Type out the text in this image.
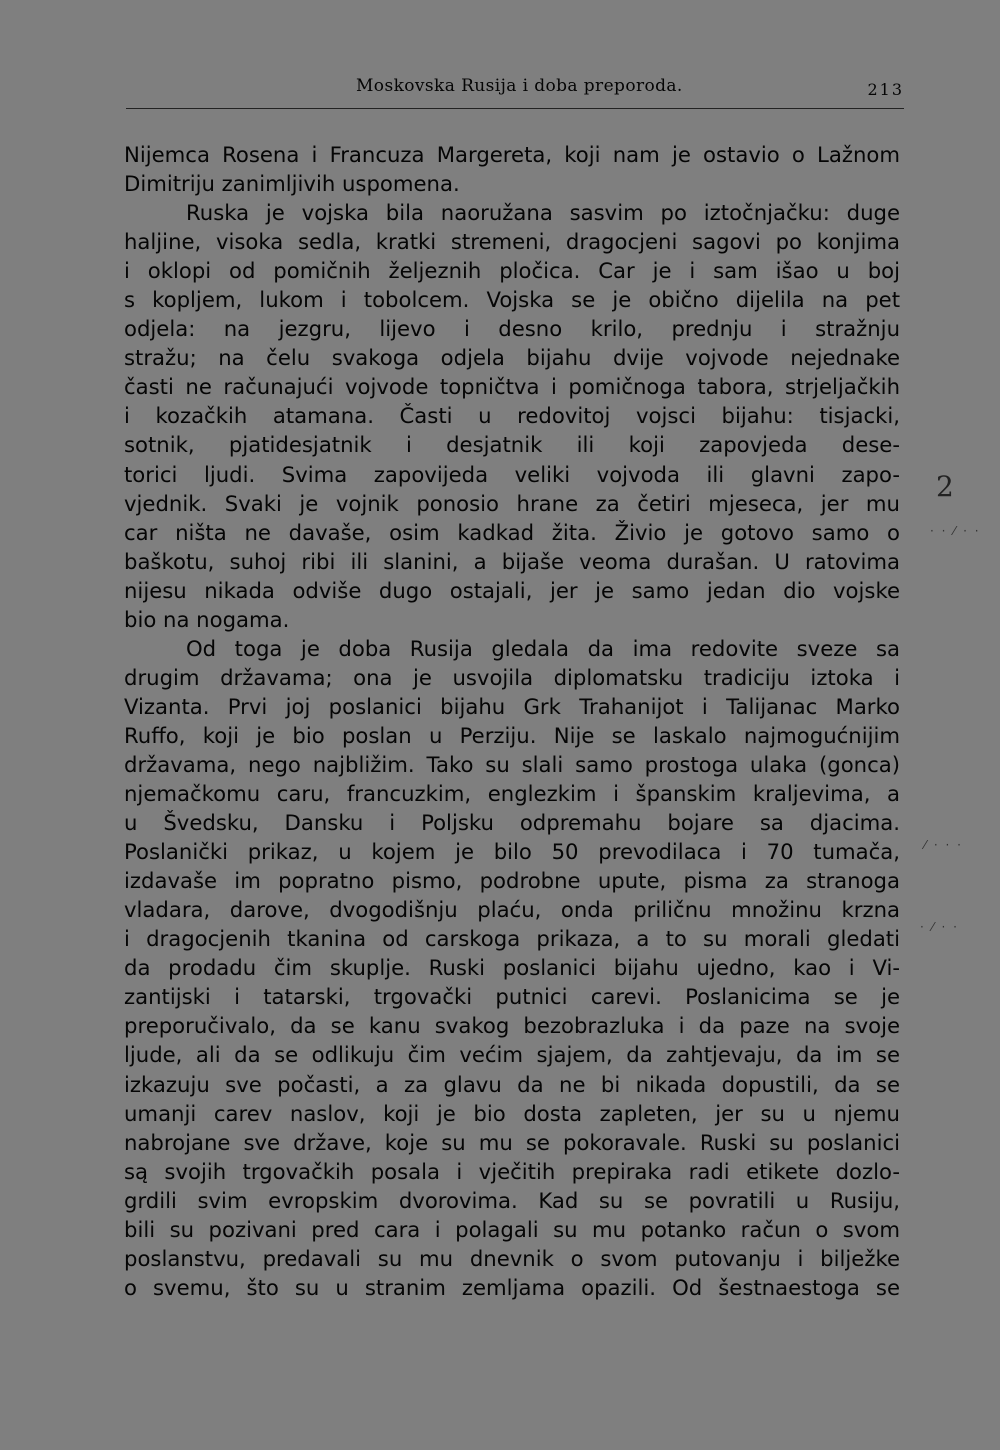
Moskovska Rusija i doba preporoda.	213
Nijemca Rosena i Francuza Margereta, koji nam je ostavio o Lažnom
Dimitriju zanimljivih uspomena.
Ruska je vojska bila naoružana sasvim po iztočnjačku: duge
haljine, visoka sedla, kratki stremeni, dragocjeni sagovi po konjima
i oklopi od pomičnih željeznih pločica. Car je i sam išao u boj
s kopljem, lukom i tobolcem. Vojska se je obično dijelila na pet
odjela: na jezgru, lijevo i desno krilo, prednju i stražnju
stražu; na čelu svakoga odjela bijahu dvije vojvode nejednake
časti ne računajući vojvode topničtva i pomičnoga tabora, strjeljačkih
i kozačkih atamana. Časti u redovitoj vojsci bijahu: tisjacki,
sotnik, pjatidesjatnik i desjatnik ili koji zapovjeda dese-
torici ljudi. Svima zapovijeda veliki vojvoda ili glavni zapo-
vjednik. Svaki je vojnik ponosio hrane za četiri mjeseca, jer mu
car ništa ne davaše, osim kadkad žita. Živio je gotovo samo o
baškotu, suhoj ribi ili slanini, a bijaše veoma durašan. U ratovima
nijesu nikada odviše dugo ostajali, jer je samo jedan dio vojske
bio na nogama.
Od toga je doba Rusija gledala da ima redovite sveze sa
drugim državama; ona je usvojila diplomatsku tradiciju iztoka i
Vizanta. Prvi joj poslanici bijahu Grk Trahanijot i Talijanac Marko
Ruffo, koji je bio poslan u Perziju. Nije se laskalo najmogućnijim
državama, nego najbližim. Tako su slali samo prostoga ulaka (gonca)
njemačkomu caru, francuzkim, englezkim i španskim kraljevima, a
u Švedsku, Dansku i Poljsku odpremahu bojare sa djacima.
Poslanički prikaz, u kojem je bilo 50 prevodilaca i 70 tumača,
izdavaše im popratno pismo, podrobne upute, pisma za stranoga
vladara, darove, dvogodišnju plaću, onda priličnu množinu krzna
i dragocjenih tkanina od carskoga prikaza, a to su morali gledati
da prodadu čim skuplje. Ruski poslanici bijahu ujedno, kao i Vi-
zantijski i tatarski, trgovački putnici carevi. Poslanicima se je
preporučivalo, da se kanu svakog bezobrazluka i da paze na svoje
ljude, ali da se odlikuju čim većim sjajem, da zahtjevaju, da im se
izkazuju sve počasti, a za glavu da ne bi nikada dopustili, da se
umanji carev naslov, koji je bio dosta zapleten, jer su u njemu
nabrojane sve države, koje su mu se pokoravale. Ruski su poslanici
są svojih trgovačkih posala i vječitih prepiraka radi etikete dozlo-
grdili svim evropskim dvorovima. Kad su se povratili u Rusiju,
bili su pozivani pred cara i polagali su mu potanko račun o svom
poslanstvu, predavali su mu dnevnik o svom putovanju i bilježke
o svemu, što su u stranim zemljama opazili. Od šestnaestoga se
2
· · ⁄ · ·
⁄ · · ·
· ⁄ · ·
